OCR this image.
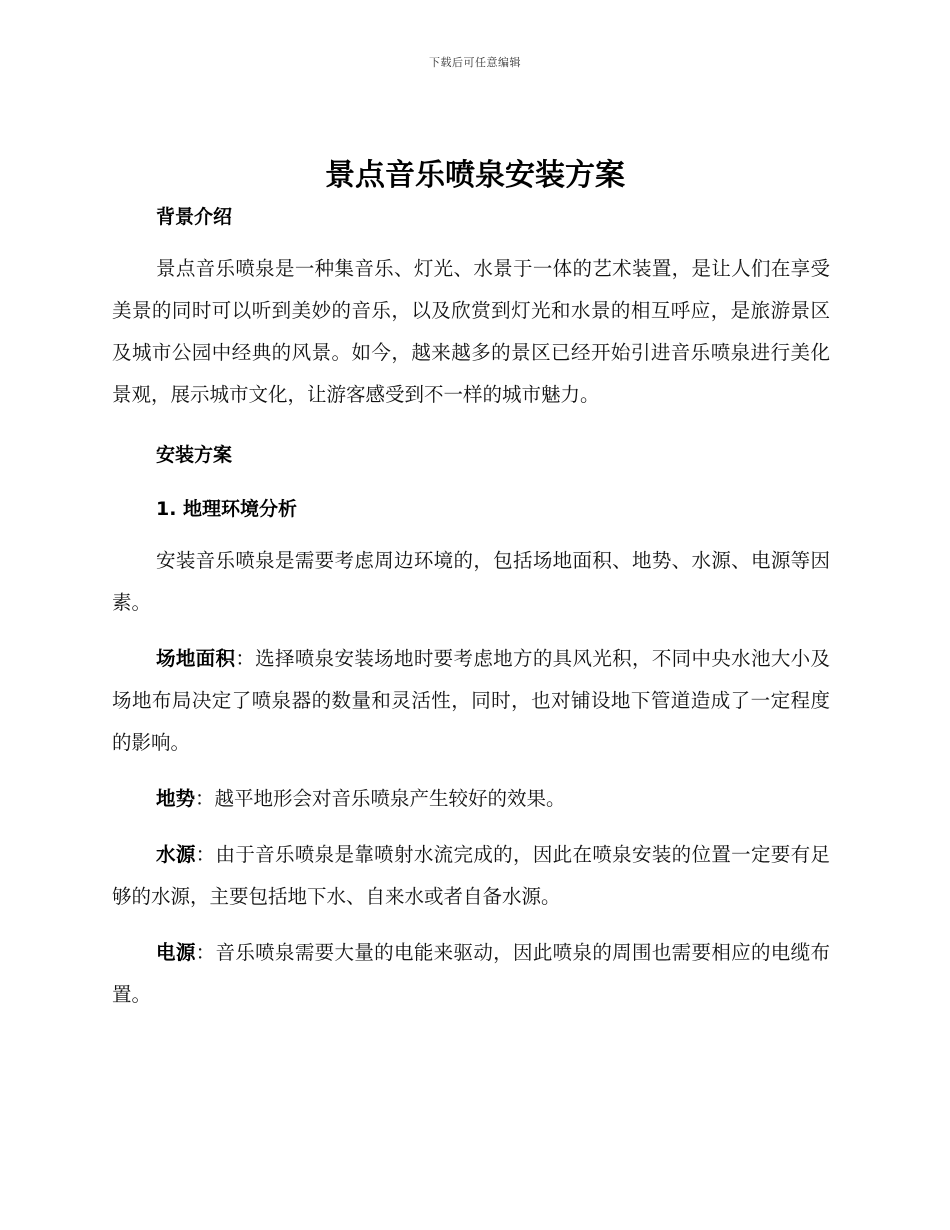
下载后可任意编辑
景点音乐喷泉安装方案

背景介绍

景点音乐喷泉是一种集音乐、灯光、水景于一体的艺术装置，是让人们在享受美景的同时可以听到美妙的音乐，以及欣赏到灯光和水景的相互呼应，是旅游景区及城市公园中经典的风景。如今，越来越多的景区已经开始引进音乐喷泉进行美化景观，展示城市文化，让游客感受到不一样的城市魅力。

安装方案

1. 地理环境分析

安装音乐喷泉是需要考虑周边环境的，包括场地面积、地势、水源、电源等因素。

场地面积：选择喷泉安装场地时要考虑地方的具风光积，不同中央水池大小及场地布局决定了喷泉器的数量和灵活性，同时，也对铺设地下管道造成了一定程度的影响。

地势：越平地形会对音乐喷泉产生较好的效果。

水源：由于音乐喷泉是靠喷射水流完成的，因此在喷泉安装的位置一定要有足够的水源，主要包括地下水、自来水或者自备水源。

电源：音乐喷泉需要大量的电能来驱动，因此喷泉的周围也需要相应的电缆布置。
